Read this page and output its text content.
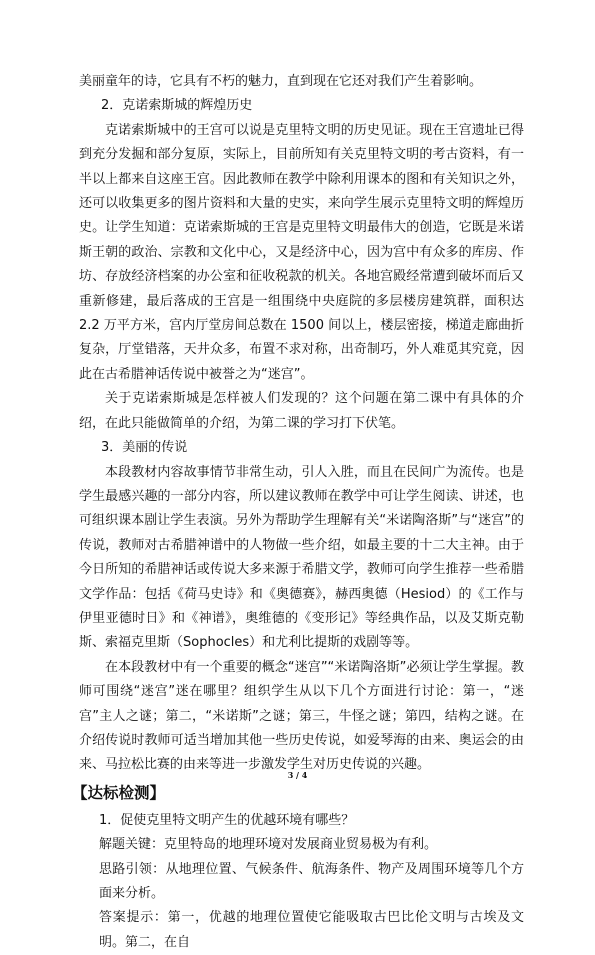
美丽童年的诗，它具有不朽的魅力，直到现在它还对我们产生着影响。

2．克诺索斯城的辉煌历史

克诺索斯城中的王宫可以说是克里特文明的历史见证。现在王宫遗址已得到充分发掘和部分复原，实际上，目前所知有关克里特文明的考古资料，有一半以上都来自这座王宫。因此教师在教学中除利用课本的图和有关知识之外，还可以收集更多的图片资料和大量的史实，来向学生展示克里特文明的辉煌历史。让学生知道：克诺索斯城的王宫是克里特文明最伟大的创造，它既是米诺斯王朝的政治、宗教和文化中心，又是经济中心，因为宫中有众多的库房、作坊、存放经济档案的办公室和征收税款的机关。各地宫殿经常遭到破坏而后又重新修建，最后落成的王宫是一组围绕中央庭院的多层楼房建筑群，面积达 2.2 万平方米，宫内厅堂房间总数在 1500 间以上，楼层密接，梯道走廊曲折复杂，厅堂错落，天井众多，布置不求对称，出奇制巧，外人难觅其究竟，因此在古希腊神话传说中被誉之为“迷宫”。

关于克诺索斯城是怎样被人们发现的？这个问题在第二课中有具体的介绍，在此只能做简单的介绍，为第二课的学习打下伏笔。

3．美丽的传说

本段教材内容故事情节非常生动，引人入胜，而且在民间广为流传。也是学生最感兴趣的一部分内容，所以建议教师在教学中可让学生阅读、讲述，也可组织课本剧让学生表演。另外为帮助学生理解有关“米诺陶洛斯”与“迷宫”的传说，教师对古希腊神谱中的人物做一些介绍，如最主要的十二大主神。由于今日所知的希腊神话或传说大多来源于希腊文学，教师可向学生推荐一些希腊文学作品：包括《荷马史诗》和《奥德赛》，赫西奥德（Hesiod）的《工作与伊里亚德时日》和《神谱》，奥维德的《变形记》等经典作品，以及艾斯克勒斯、索福克里斯（Sophocles）和尤利比提斯的戏剧等等。

在本段教材中有一个重要的概念“迷宫”“米诺陶洛斯”必须让学生掌握。教师可围绕“迷宫”迷在哪里？组织学生从以下几个方面进行讨论：第一，“迷宫”主人之谜；第二，“米诺斯”之谜；第三，牛怪之谜；第四，结构之谜。在介绍传说时教师可适当增加其他一些历史传说，如爱琴海的由来、奥运会的由来、马拉松比赛的由来等进一步激发学生对历史传说的兴趣。

【达标检测】

1．促使克里特文明产生的优越环境有哪些？

解题关键：克里特岛的地理环境对发展商业贸易极为有利。

思路引领：从地理位置、气候条件、航海条件、物产及周围环境等几个方面来分析。

答案提示：第一，优越的地理位置使它能吸取古巴比伦文明与古埃及文明。第二，在自

3 / 4
